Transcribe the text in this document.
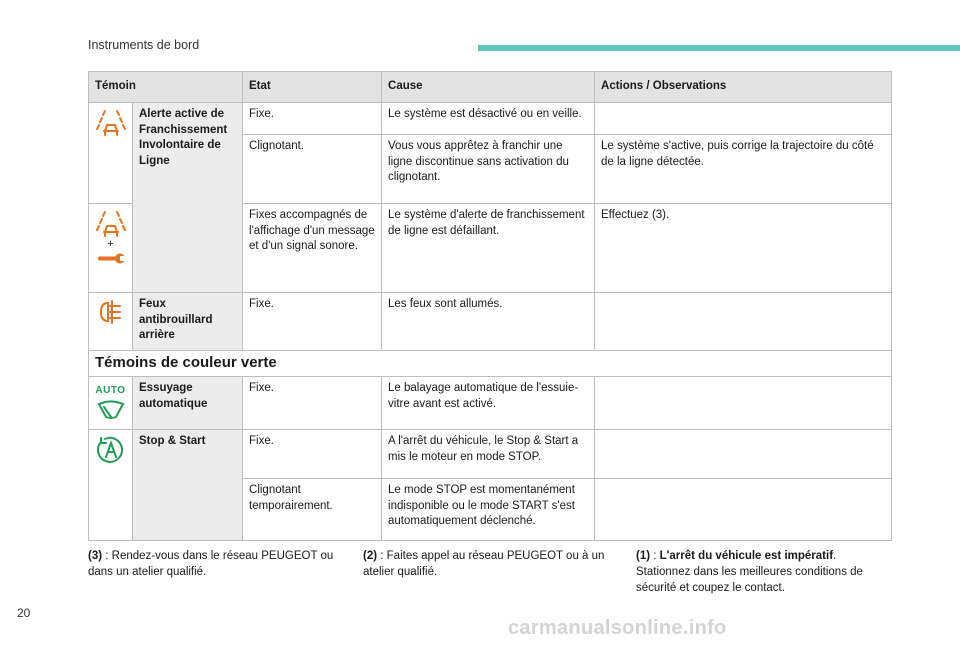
Instruments de bord
Témoin		Etat	Cause	Actions / Observations

	Alerte active de Franchissement Involontaire de Ligne	Fixe.	Le système est désactivé ou en veille.	
		Clignotant.	Vous vous apprêtez à franchir une ligne discontinue sans activation du clignotant.	Le système s'active, puis corrige la trajectoire du côté de la ligne détectée.

+		Fixes accompagnés de l'affichage d'un message et d'un signal sonore.	Le système d'alerte de franchissement de ligne est défaillant.	Effectuez (3).

	Feux antibrouillard arrière	Fixe.	Les feux sont allumés.	
Témoins de couleur verte				

AUTO	Essuyage automatique	Fixe.	Le balayage automatique de l'essuie-vitre avant est activé.	

	Stop & Start	Fixe.	A l'arrêt du véhicule, le Stop & Start a mis le moteur en mode STOP.	
		Clignotant temporairement.	Le mode STOP est momentanément indisponible ou le mode START s'est automatiquement déclenché.	
(3) : Rendez-vous dans le réseau PEUGEOT ou dans un atelier qualifié.
(2) : Faites appel au réseau PEUGEOT ou à un atelier qualifié.
(1) : L'arrêt du véhicule est impératif. Stationnez dans les meilleures conditions de sécurité et coupez le contact.
20
carmanualsonline.info
